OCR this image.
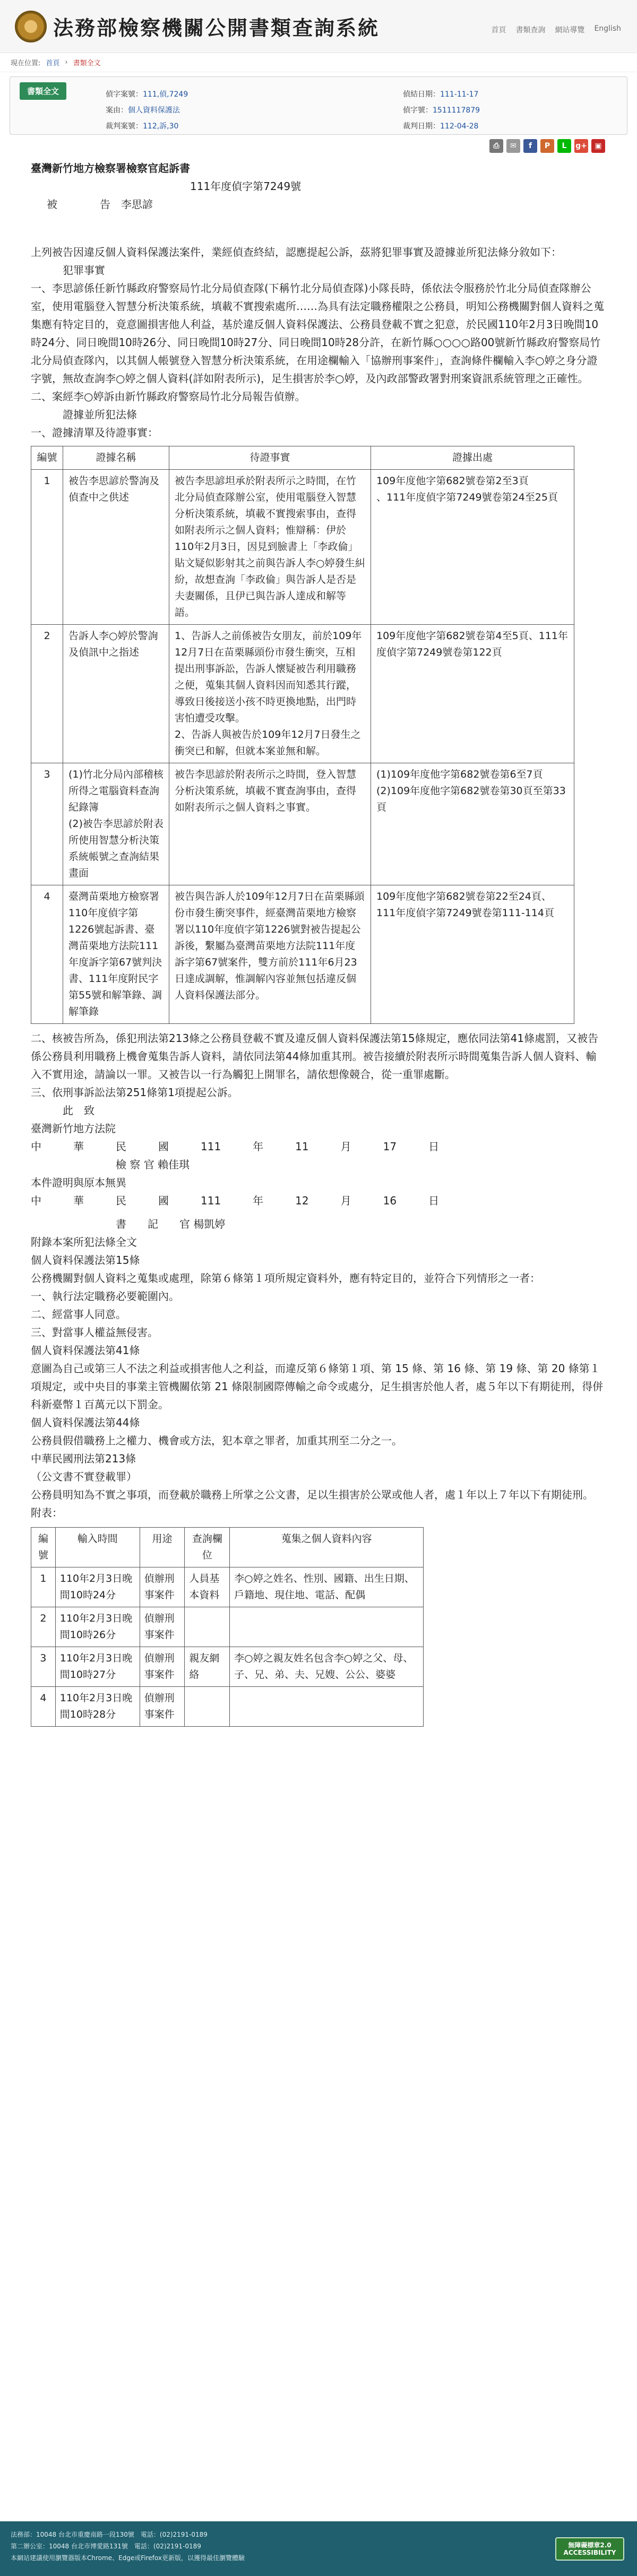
法務部檢察機關公開書類查詢系統	首頁 書類查詢 網站導覽 English
現在位置: 首頁 › 書類全文
書類全文	偵字案號：111,偵,7249	偵結日期：111-11-17
案由：個人資料保護法	偵字號：1511117879
裁判案號：112,訴,30	裁判日期：112-04-28
⎙	✉	f	P	L	g+	▣

臺灣新竹地方檢察署檢察官起訴書

111年度偵字第7249號

被　　　　告　李思諺

上列被告因違反個人資料保護法案件，業經偵查終結，認應提起公訴，茲將犯罪事實及證據並所犯法條分敘如下：

犯罪事實

一、李思諺係任新竹縣政府警察局竹北分局偵查隊(下稱竹北分局偵查隊)小隊長時，係依法令服務於竹北分局偵查隊辦公室，使用電腦登入智慧分析決策系統，填載不實搜索處所……為具有法定職務權限之公務員，明知公務機關對個人資料之蒐集應有特定目的，竟意圖損害他人利益，基於違反個人資料保護法、公務員登載不實之犯意，於民國110年2月3日晚間10時24分、同日晚間10時26分、同日晚間10時27分、同日晚間10時28分許，在新竹縣○○○○路00號新竹縣政府警察局竹北分局偵查隊內，以其個人帳號登入智慧分析決策系統，在用途欄輸入「協辦刑事案件」，查詢條件欄輸入李○婷之身分證字號，無故查詢李○婷之個人資料(詳如附表所示)，足生損害於李○婷，及內政部警政署對刑案資訊系統管理之正確性。

二、案經李○婷訴由新竹縣政府警察局竹北分局報告偵辦。

證據並所犯法條

一、證據清單及待證事實：

編號	證據名稱	待證事實	證據出處
1	被告李思諺於警詢及偵查中之供述	被告李思諺坦承於附表所示之時間，在竹北分局偵查隊辦公室，使用電腦登入智慧分析決策系統，填載不實搜索事由，查得如附表所示之個人資料；惟辯稱：伊於110年2月3日，因見到臉書上「李政倫」貼文疑似影射其之前與告訴人李○婷發生糾紛，故想查詢「李政倫」與告訴人是否是夫妻關係，且伊已與告訴人達成和解等語。	109年度他字第682號卷第2至3頁
、111年度偵字第7249號卷第24至25頁
2	告訴人李○婷於警詢及偵訊中之指述	1、告訴人之前係被告女朋友，前於109年12月7日在苗栗縣頭份市發生衝突，互相提出刑事訴訟，告訴人懷疑被告利用職務之便，蒐集其個人資料因而知悉其行蹤，導致日後接送小孩不時更換地點，出門時害怕遭受攻擊。
2、告訴人與被告於109年12月7日發生之衝突已和解，但就本案並無和解。	109年度他字第682號卷第4至5頁、111年度偵字第7249號卷第122頁
3	(1)竹北分局內部稽核所得之電腦資料查詢紀錄簿
(2)被告李思諺於附表所使用智慧分析決策系統帳號之查詢結果畫面	被告李思諺於附表所示之時間，登入智慧分析決策系統，填載不實查詢事由，查得如附表所示之個人資料之事實。	(1)109年度他字第682號卷第6至7頁
(2)109年度他字第682號卷第30頁至第33頁
4	臺灣苗栗地方檢察署110年度偵字第1226號起訴書、臺灣苗栗地方法院111年度訴字第67號判決書、111年度附民字第55號和解筆錄、調解筆錄	被告與告訴人於109年12月7日在苗栗縣頭份市發生衝突事件，經臺灣苗栗地方檢察署以110年度偵字第1226號對被告提起公訴後，繫屬為臺灣苗栗地方法院111年度訴字第67號案件，雙方前於111年6月23日達成調解，惟調解內容並無包括違反個人資料保護法部分。	109年度他字第682號卷第22至24頁、111年度偵字第7249號卷第111-114頁

二、核被告所為，係犯刑法第213條之公務員登載不實及違反個人資料保護法第15條規定，應依同法第41條處罰，又被告係公務員利用職務上機會蒐集告訴人資料，請依同法第44條加重其刑。被告接續於附表所示時間蒐集告訴人個人資料、輸入不實用途，請論以一罪。又被告以一行為觸犯上開罪名，請依想像競合，從一重罪處斷。

三、依刑事訴訟法第251條第1項提起公訴。

此　致

臺灣新竹地方法院

中　　　華　　　民　　　國　　　111　　　年　　　11　　　月　　　17　　　日

檢 察 官 賴佳琪

本件證明與原本無異

中　　　華　　　民　　　國　　　111　　　年　　　12　　　月　　　16　　　日

書　　記　　官 楊凱婷

附錄本案所犯法條全文

個人資料保護法第15條
公務機關對個人資料之蒐集或處理，除第６條第１項所規定資料外，應有特定目的，並符合下列情形之一者：
一、執行法定職務必要範圍內。
二、經當事人同意。
三、對當事人權益無侵害。
個人資料保護法第41條
意圖為自己或第三人不法之利益或損害他人之利益，而違反第６條第１項、第 15 條、第 16 條、第 19 條、第 20 條第１項規定，或中央目的事業主管機關依第 21 條限制國際傳輸之命令或處分，足生損害於他人者，處５年以下有期徒刑，得併科新臺幣１百萬元以下罰金。
個人資料保護法第44條
公務員假借職務上之權力、機會或方法，犯本章之罪者，加重其刑至二分之一。
中華民國刑法第213條
（公文書不實登載罪）
公務員明知為不實之事項，而登載於職務上所掌之公文書，足以生損害於公眾或他人者，處１年以上７年以下有期徒刑。
附表：

編號	輸入時間	用途	查詢欄位	蒐集之個人資料內容
1	110年2月3日晚間10時24分	偵辦刑事案件	人員基本資料	李○婷之姓名、性別、國籍、出生日期、戶籍地、現住地、電話、配偶
2	110年2月3日晚間10時26分	偵辦刑事案件		
3	110年2月3日晚間10時27分	偵辦刑事案件	親友網絡	李○婷之親友姓名包含李○婷之父、母、子、兄、弟、夫、兄嫂、公公、婆婆
4	110年2月3日晚間10時28分	偵辦刑事案件		
法務部：10048 台北市重慶南路一段130號　電話：(02)2191-0189
第二辦公室：10048 台北市博愛路131號　電話：(02)2191-0189
本網站建議使用瀏覽器版本Chrome、Edge或Firefox更新版，以獲得最佳瀏覽體驗
無障礙標章2.0 ACCESSIBILITY
